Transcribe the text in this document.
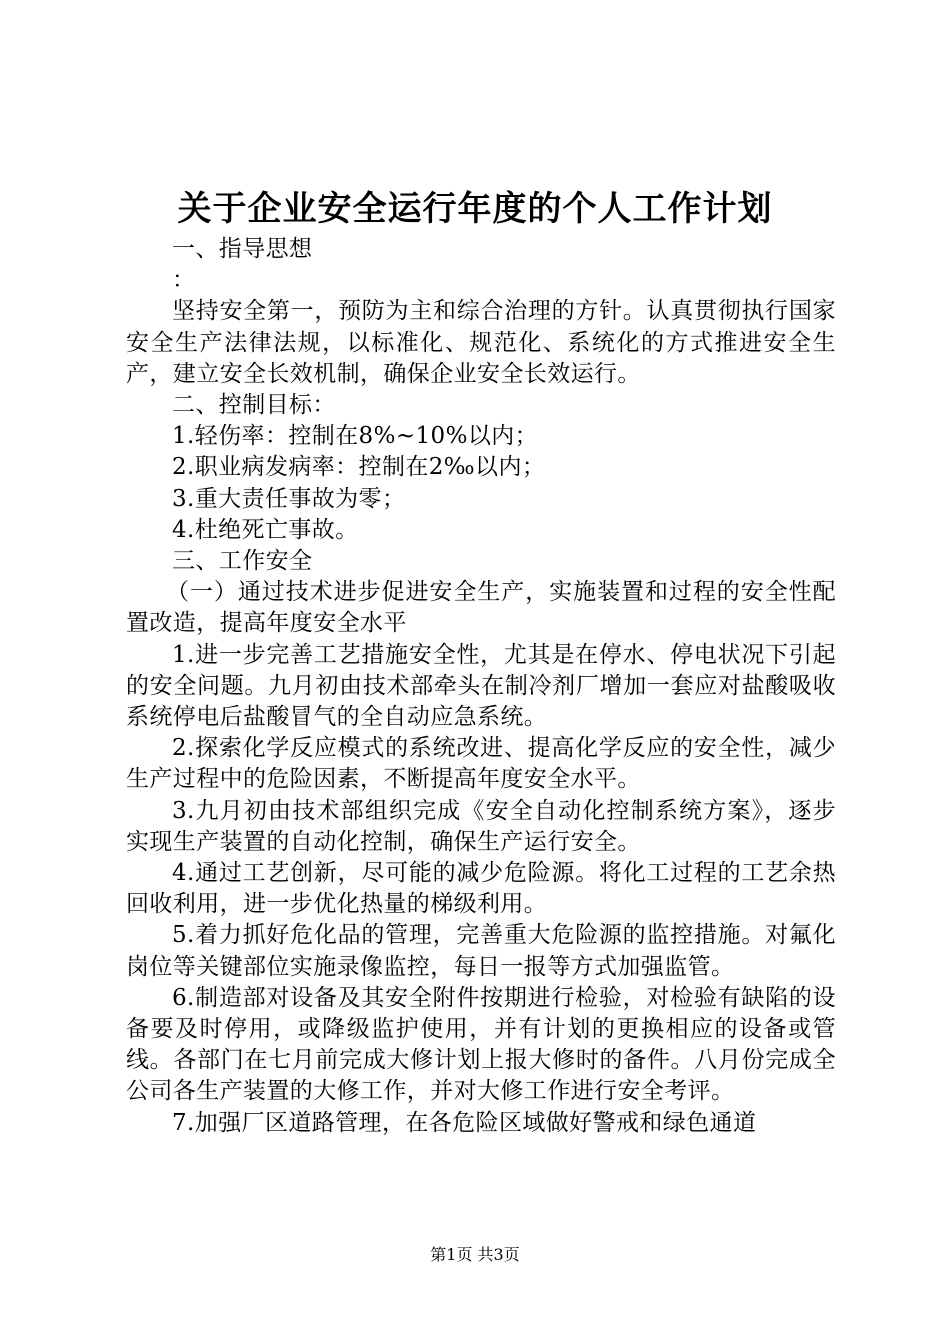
关于企业安全运行年度的个人工作计划

一、指导思想

：

坚持安全第一，预防为主和综合治理的方针。认真贯彻执行国家安全生产法律法规，以标准化、规范化、系统化的方式推进安全生产，建立安全长效机制，确保企业安全长效运行。

二、控制目标：

1.轻伤率：控制在8%~10%以内；

2.职业病发病率：控制在2‰以内；

3.重大责任事故为零；

4.杜绝死亡事故。

三、工作安全

（一）通过技术进步促进安全生产，实施装置和过程的安全性配置改造，提高年度安全水平

1.进一步完善工艺措施安全性，尤其是在停水、停电状况下引起的安全问题。九月初由技术部牵头在制冷剂厂增加一套应对盐酸吸收系统停电后盐酸冒气的全自动应急系统。

2.探索化学反应模式的系统改进、提高化学反应的安全性，减少生产过程中的危险因素，不断提高年度安全水平。

3.九月初由技术部组织完成《安全自动化控制系统方案》，逐步实现生产装置的自动化控制，确保生产运行安全。

4.通过工艺创新，尽可能的减少危险源。将化工过程的工艺余热回收利用，进一步优化热量的梯级利用。

5.着力抓好危化品的管理，完善重大危险源的监控措施。对氟化岗位等关键部位实施录像监控，每日一报等方式加强监管。

6.制造部对设备及其安全附件按期进行检验，对检验有缺陷的设备要及时停用，或降级监护使用，并有计划的更换相应的设备或管线。各部门在七月前完成大修计划上报大修时的备件。八月份完成全公司各生产装置的大修工作，并对大修工作进行安全考评。

7.加强厂区道路管理，在各危险区域做好警戒和绿色通道

第1页 共3页
